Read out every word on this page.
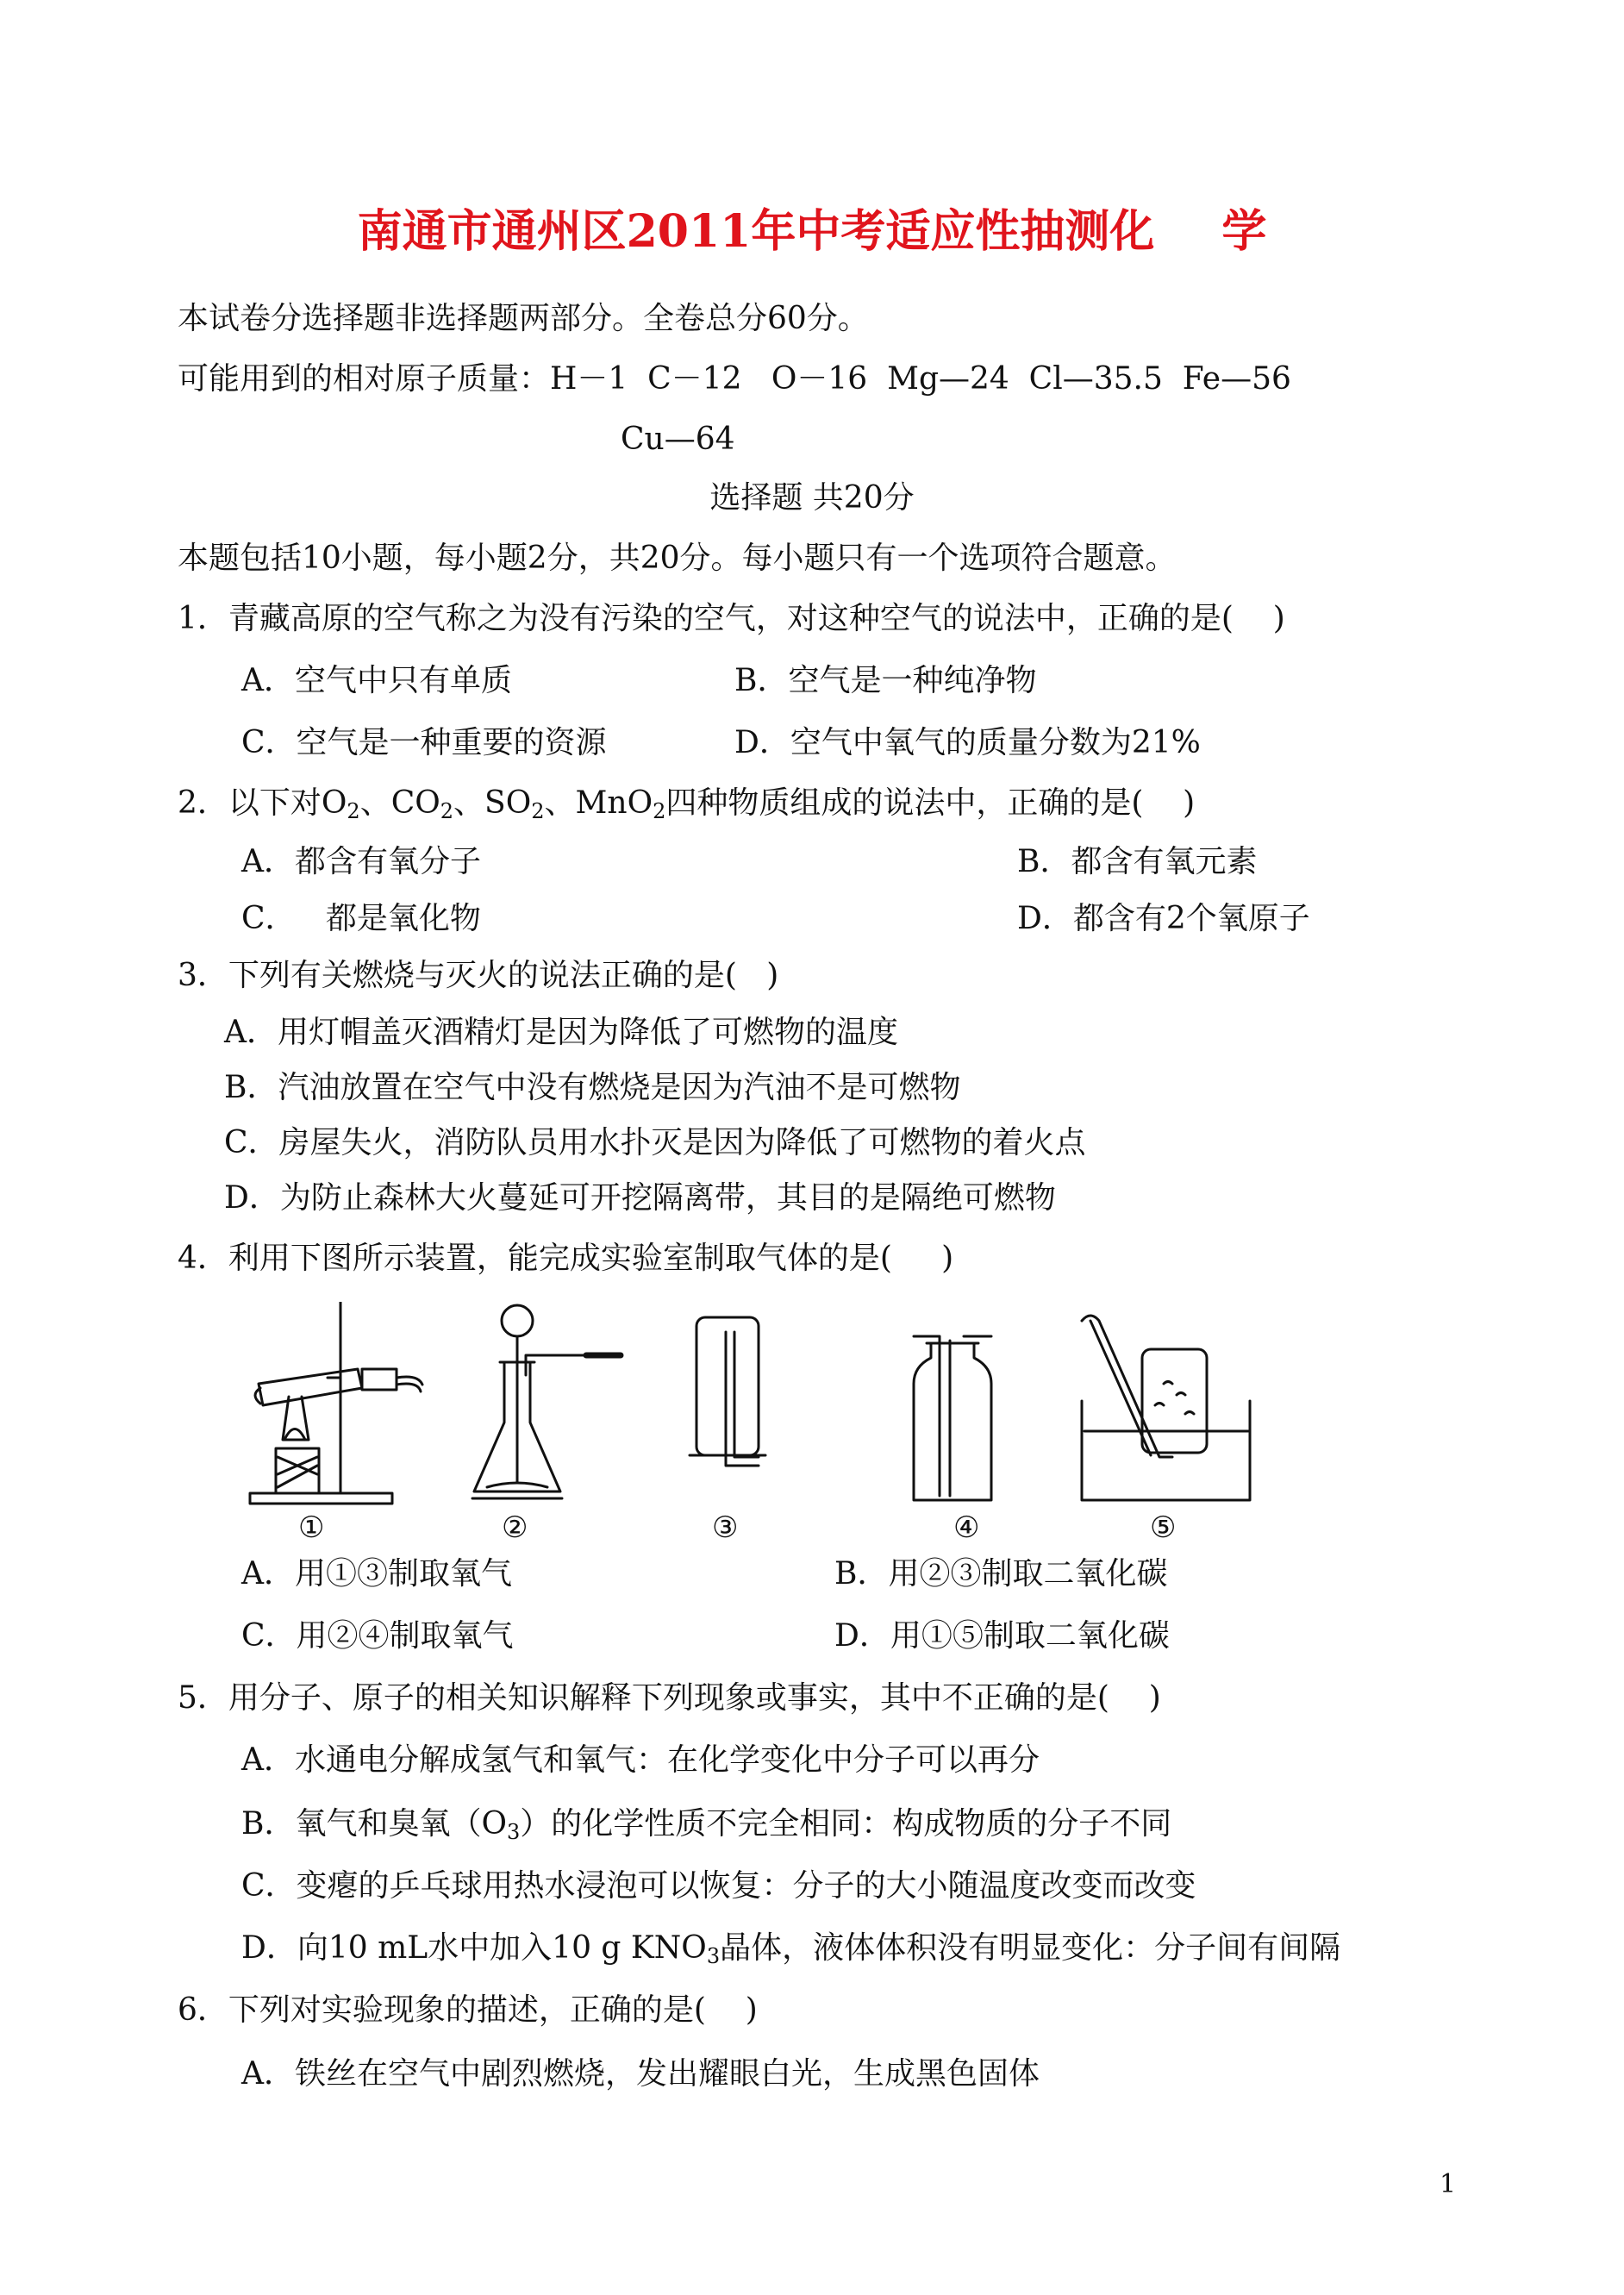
南通市通州区2011年中考适应性抽测化 学
本试卷分选择题非选择题两部分。全卷总分60分。
可能用到的相对原子质量：H－1  C－12   O－16  Mg—24  Cl—35.5  Fe—56
Cu—64
选择题 共20分
本题包括10小题，每小题2分，共20分。每小题只有一个选项符合题意。
1．青藏高原的空气称之为没有污染的空气，对这种空气的说法中，正确的是(    )
A．空气中只有单质	B．空气是一种纯净物
C．空气是一种重要的资源	D．空气中氧气的质量分数为21%
2．以下对$O_2$、$CO_2$、$SO_2$、MnO$_2$四种物质组成的说法中，正确的是(    )
A．都含有氧分子	B．都含有氧元素
C．   都是氧化物	D．都含有2个氧原子
3．下列有关燃烧与灭火的说法正确的是(   )
A．用灯帽盖灭酒精灯是因为降低了可燃物的温度
B．汽油放置在空气中没有燃烧是因为汽油不是可燃物
C．房屋失火，消防队员用水扑灭是因为降低了可燃物的着火点
D．为防止森林大火蔓延可开挖隔离带，其目的是隔绝可燃物
4．利用下图所示装置，能完成实验室制取气体的是(     )
①	②	③	④	⑤
A．用①③制取氧气	B．用②③制取二氧化碳
C．用②④制取氧气	D．用①⑤制取二氧化碳
5．用分子、原子的相关知识解释下列现象或事实，其中不正确的是(    )
A．水通电分解成氢气和氧气：在化学变化中分子可以再分
B．氧气和臭氧$(O_3)$的化学性质不完全相同：构成物质的分子不同
C．变瘪的乒乓球用热水浸泡可以恢复：分子的大小随温度改变而改变
D．向10 mL水中加入10 g $KNO_3$晶体，液体体积没有明显变化：分子间有间隔
6．下列对实验现象的描述，正确的是(    )
A．铁丝在空气中剧烈燃烧，发出耀眼白光，生成黑色固体
1
